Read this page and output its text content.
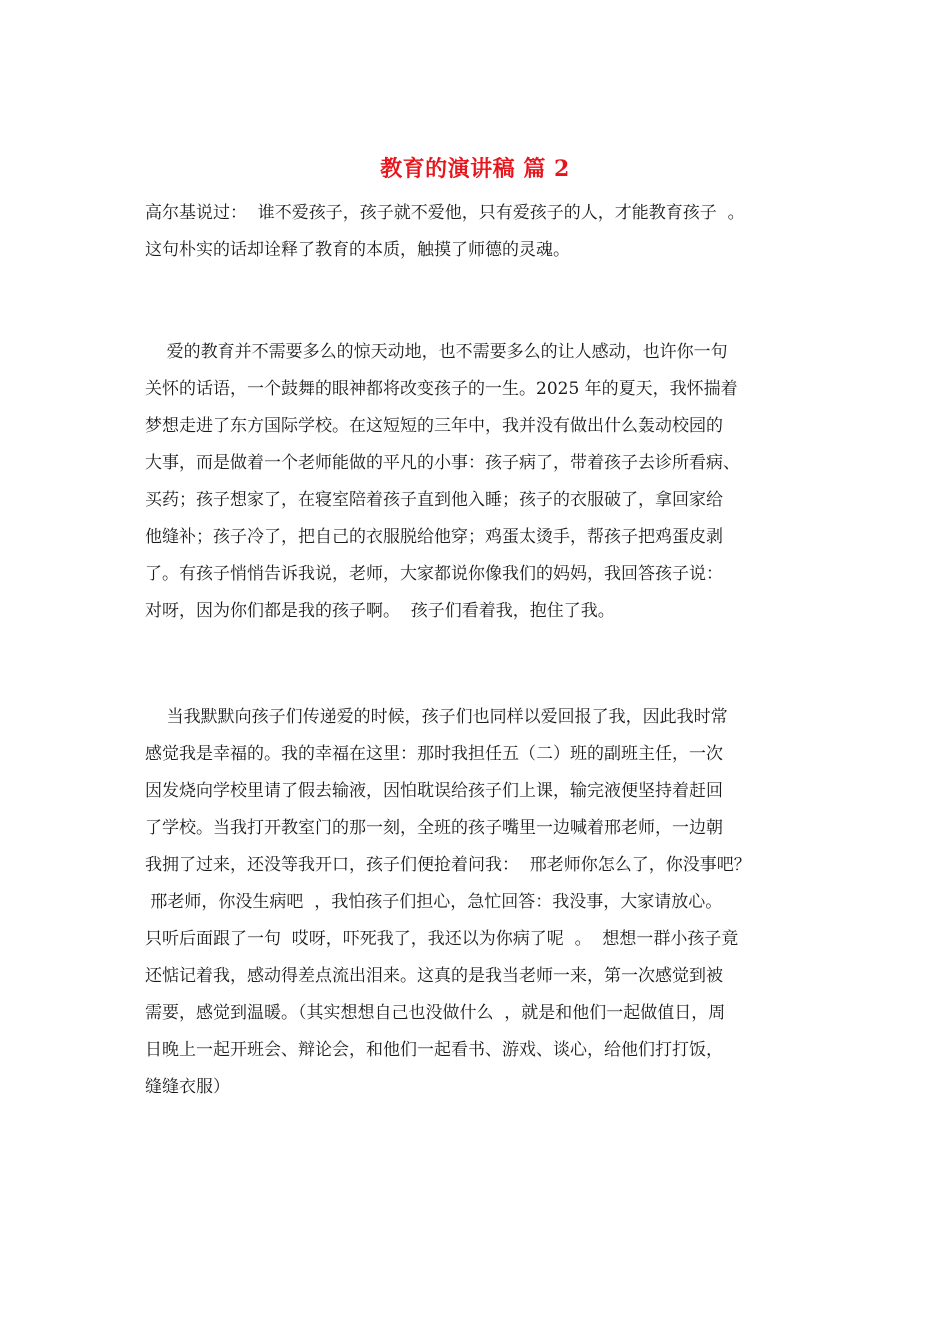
教育的演讲稿 篇 2
高尔基说过：  谁不爱孩子，孩子就不爱他，只有爱孩子的人，才能教育孩子  。
这句朴实的话却诠释了教育的本质，触摸了师德的灵魂。
爱的教育并不需要多么的惊天动地，也不需要多么的让人感动，也许你一句
关怀的话语，一个鼓舞的眼神都将改变孩子的一生。2025 年的夏天，我怀揣着
梦想走进了东方国际学校。在这短短的三年中，我并没有做出什么轰动校园的
大事，而是做着一个老师能做的平凡的小事：孩子病了，带着孩子去诊所看病、
买药；孩子想家了，在寝室陪着孩子直到他入睡；孩子的衣服破了，拿回家给
他缝补；孩子冷了，把自己的衣服脱给他穿；鸡蛋太烫手，帮孩子把鸡蛋皮剥
了。有孩子悄悄告诉我说，老师，大家都说你像我们的妈妈，我回答孩子说：
对呀，因为你们都是我的孩子啊。  孩子们看着我，抱住了我。
当我默默向孩子们传递爱的时候，孩子们也同样以爱回报了我，因此我时常
感觉我是幸福的。我的幸福在这里：那时我担任五（二）班的副班主任，一次
因发烧向学校里请了假去输液，因怕耽误给孩子们上课，输完液便坚持着赶回
了学校。当我打开教室门的那一刻，全班的孩子嘴里一边喊着邢老师，一边朝
我拥了过来，还没等我开口，孩子们便抢着问我：  邢老师你怎么了，你没事吧？
邢老师，你没生病吧  ，我怕孩子们担心，急忙回答：我没事，大家请放心。
只听后面跟了一句  哎呀，吓死我了，我还以为你病了呢  。  想想一群小孩子竟
还惦记着我，感动得差点流出泪来。这真的是我当老师一来，第一次感觉到被
需要，感觉到温暖。（其实想想自己也没做什么  ，就是和他们一起做值日，周
日晚上一起开班会、辩论会，和他们一起看书、游戏、谈心，给他们打打饭，
缝缝衣服）
